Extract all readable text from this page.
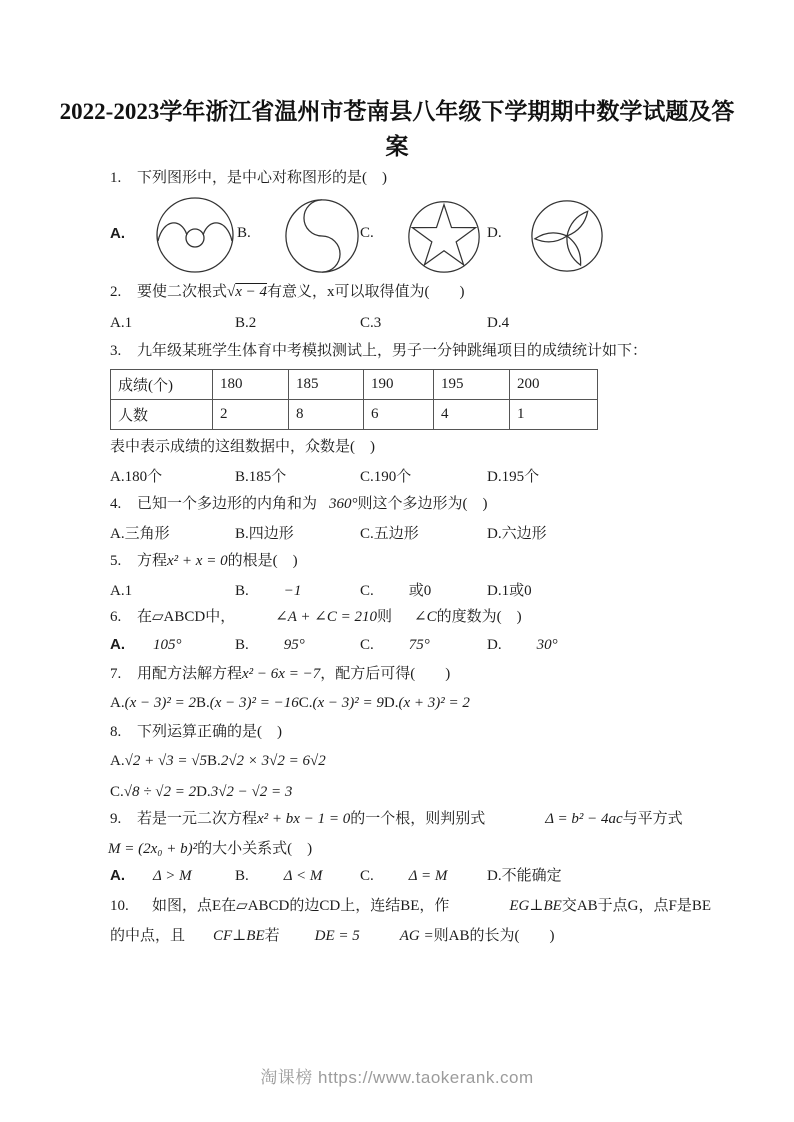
2022-2023学年浙江省温州市苍南县八年级下学期期中数学试题及答
案
1. 下列图形中，是中心对称图形的是(　)
A.	B.	C.	D.
2. 要使二次根式√x − 4有意义，x可以取得值为(　　)
A.1	B.2	C.3	D.4
3. 九年级某班学生体育中考模拟测试上，男子一分钟跳绳项目的成绩统计如下：
成绩(个)	180	185	190	195	200
人数	2	8	6	4	1
表中表示成绩的这组数据中，众数是(　)
A.180个	B.185个	C.190个	D.195个
4. 已知一个多边形的内角和为 360°则这个多边形为(　)
A.三角形	B.四边形	C.五边形	D.六边形
5. 方程x² + x = 0的根是(　)
A.1	B. −1	C. 或0	D.1或0
6. 在▱ABCD中，	∠A + ∠C = 210则 ∠C的度数为(　)
A. 105°	B. 95°	C. 75°	D. 30°
7. 用配方法解方程x² − 6x = −7，配方后可得(　　)
A.(x − 3)² = 2B.(x − 3)² = −16C.(x − 3)² = 9D.(x + 3)² = 2
8. 下列运算正确的是(　)
A.√2 + √3 = √5B.2√2 × 3√2 = 6√2
C.√8 ÷ √2 = 2D.3√2 − √2 = 3
9. 若是一元二次方程x² + bx − 1 = 0的一个根，则判别式	Δ = b² − 4ac与平方式
M = (2x₀ + b)²的大小关系式(　)
A. Δ > M	B. Δ < M	C. Δ = M	D.不能确定
10. 如图，点E在▱ABCD的边CD上，连结BE，作	EG⊥BE交AB于点G，点F是BE
的中点，且 CF⊥BE若 DE = 5	AG =则AB的长为(　　)
淘课榜 https://www.taokerank.com
